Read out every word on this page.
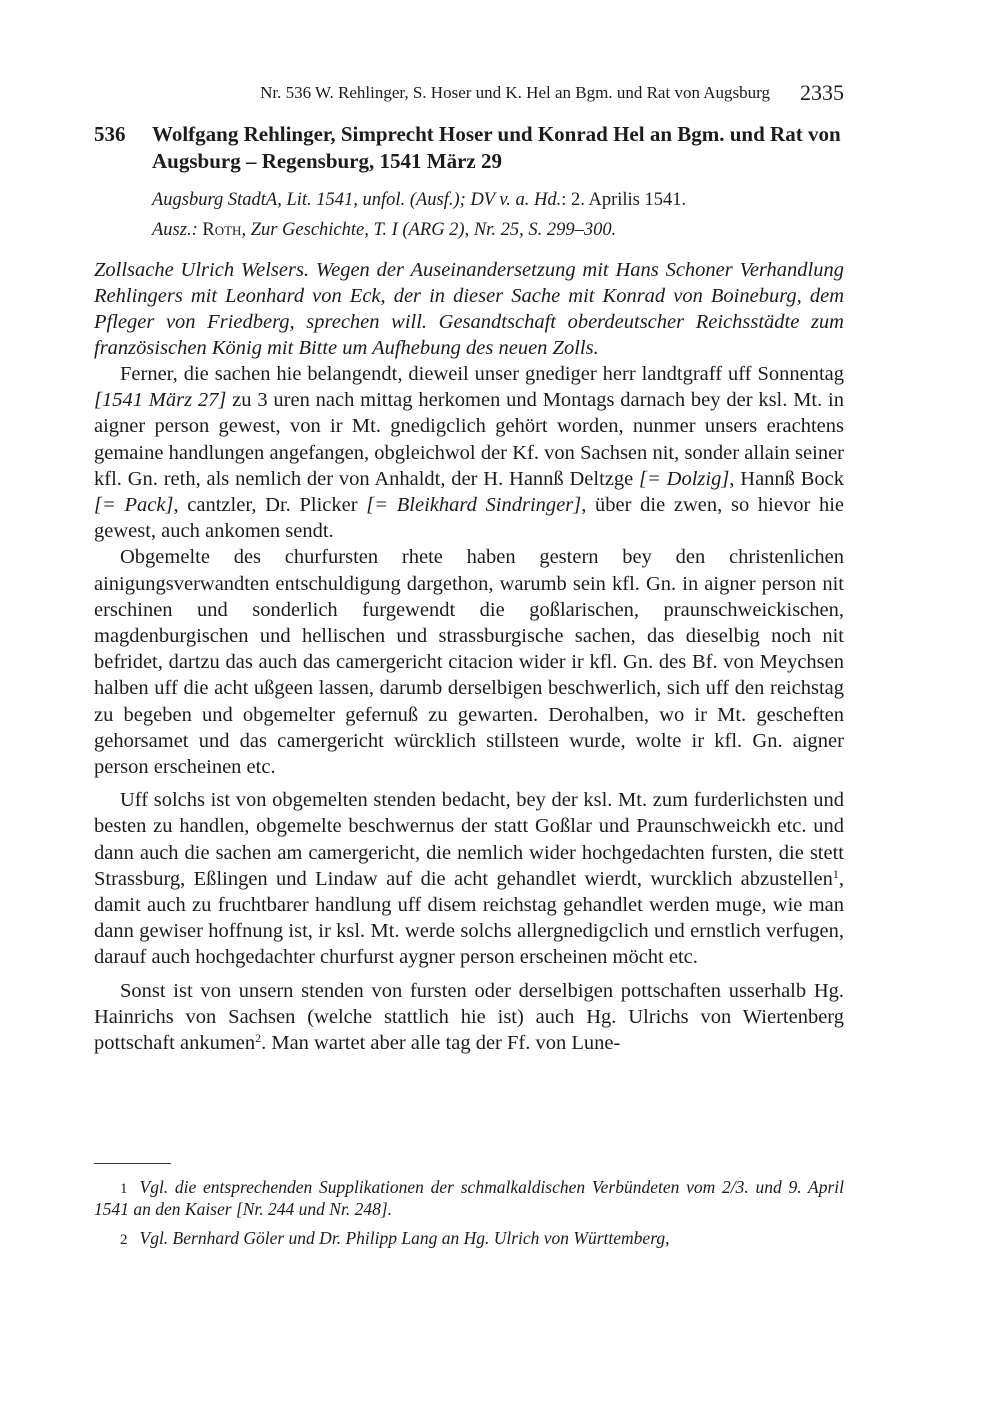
Nr. 536 W. Rehlinger, S. Hoser und K. Hel an Bgm. und Rat von Augsburg 2335
536	Wolfgang Rehlinger, Simprecht Hoser und Konrad Hel an Bgm. und Rat von Augsburg – Regensburg, 1541 März 29
Augsburg StadtA, Lit. 1541, unfol. (Ausf.); DV v. a. Hd.: 2. Aprilis 1541.
Ausz.: Roth, Zur Geschichte, T. I (ARG 2), Nr. 25, S. 299–300.
Zollsache Ulrich Welsers. Wegen der Auseinandersetzung mit Hans Schoner Verhandlung Rehlingers mit Leonhard von Eck, der in dieser Sache mit Konrad von Boineburg, dem Pfleger von Friedberg, sprechen will. Gesandtschaft oberdeutscher Reichsstädte zum französischen König mit Bitte um Aufhebung des neuen Zolls.

Ferner, die sachen hie belangendt, dieweil unser gnediger herr landtgraff uff Sonnentag [1541 März 27] zu 3 uren nach mittag herkomen und Montags darnach bey der ksl. Mt. in aigner person gewest, von ir Mt. gnedigclich gehört worden, nunmer unsers erachtens gemaine handlungen angefangen, obgleichwol der Kf. von Sachsen nit, sonder allain seiner kfl. Gn. reth, als nemlich der von Anhaldt, der H. Hannß Deltzge [= Dolzig], Hannß Bock [= Pack], cantzler, Dr. Plicker [= Bleikhard Sindringer], über die zwen, so hievor hie gewest, auch ankomen sendt.

Obgemelte des churfursten rhete haben gestern bey den christenlichen ainigungsverwandten entschuldigung dargethon, warumb sein kfl. Gn. in aigner person nit erschinen und sonderlich furgewendt die goßlarischen, praunschweickischen, magdenburgischen und hellischen und strassburgische sachen, das dieselbig noch nit befridet, dartzu das auch das camergericht citacion wider ir kfl. Gn. des Bf. von Meychsen halben uff die acht ußgeen lassen, darumb derselbigen beschwerlich, sich uff den reichstag zu begeben und obgemelter gefernuß zu gewarten. Derohalben, wo ir Mt. gescheften gehorsamet und das camergericht würcklich stillsteen wurde, wolte ir kfl. Gn. aigner person erscheinen etc.

Uff solchs ist von obgemelten stenden bedacht, bey der ksl. Mt. zum furderlichsten und besten zu handlen, obgemelte beschwernus der statt Goßlar und Praunschweickh etc. und dann auch die sachen am camergericht, die nemlich wider hochgedachten fursten, die stett Strassburg, Eßlingen und Lindaw auf die acht gehandlet wierdt, wurcklich abzustellen$^1$, damit auch zu fruchtbarer handlung uff disem reichstag gehandlet werden muge, wie man dann gewiser hoffnung ist, ir ksl. Mt. werde solchs allergnedigclich und ernstlich verfugen, darauf auch hochgedachter churfurst aygner person erscheinen möcht etc.

Sonst ist von unsern stenden von fursten oder derselbigen pottschaften usserhalb Hg. Hainrichs von Sachsen (welche stattlich hie ist) auch Hg. Ulrichs von Wiertenberg pottschaft ankumen$^2$. Man wartet aber alle tag der Ff. von Lune-

1 Vgl. die entsprechenden Supplikationen der schmalkaldischen Verbündeten vom 2/3. und 9. April 1541 an den Kaiser [Nr. 244 und Nr. 248].

2 Vgl. Bernhard Göler und Dr. Philipp Lang an Hg. Ulrich von Württemberg,
